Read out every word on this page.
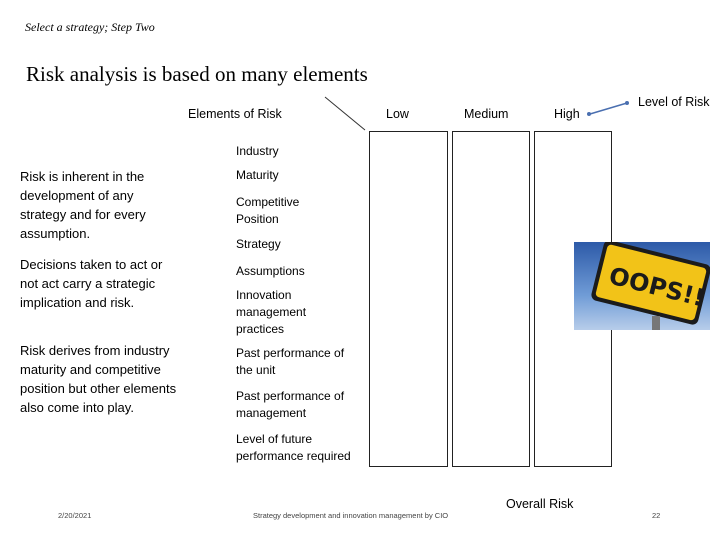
Select a strategy; Step Two
Risk analysis is based on many elements
Elements of Risk	Low	Medium	High
Level of Risk
Risk is inherent in the development of any strategy and for every assumption.
Decisions taken to act or not act carry a strategic implication and risk.
Risk derives from industry maturity and competitive position but other elements also come into play.
Industry
Maturity
Competitive Position
Strategy
Assumptions
Innovation management practices
Past performance of the unit
Past performance of management
Level of future performance required
OOPS!!
Overall Risk
2/20/2021	Strategy development and innovation management by CIO	22
